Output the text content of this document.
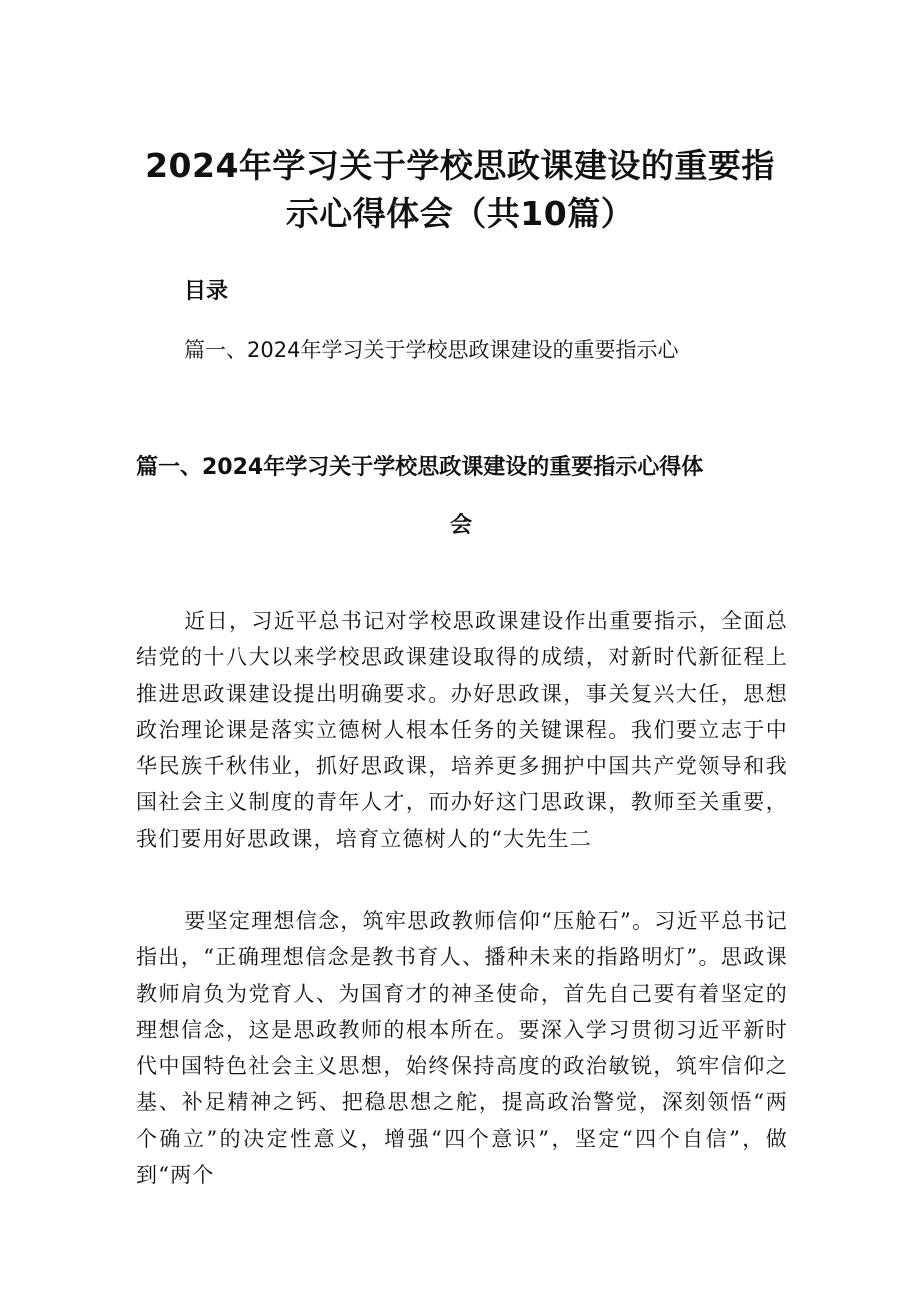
2024年学习关于学校思政课建设的重要指
示心得体会（共10篇）
目录
篇一、2024年学习关于学校思政课建设的重要指示心
篇一、2024年学习关于学校思政课建设的重要指示心得体
会

近日，习近平总书记对学校思政课建设作出重要指示，全面总结党的十八大以来学校思政课建设取得的成绩，对新时代新征程上推进思政课建设提出明确要求。办好思政课，事关复兴大任，思想政治理论课是落实立德树人根本任务的关键课程。我们要立志于中华民族千秋伟业，抓好思政课，培养更多拥护中国共产党领导和我国社会主义制度的青年人才，而办好这门思政课，教师至关重要，我们要用好思政课，培育立德树人的“大先生二

要坚定理想信念，筑牢思政教师信仰“压舱石”。习近平总书记指出，“正确理想信念是教书育人、播种未来的指路明灯”。思政课教师肩负为党育人、为国育才的神圣使命，首先自己要有着坚定的理想信念，这是思政教师的根本所在。要深入学习贯彻习近平新时代中国特色社会主义思想，始终保持高度的政治敏锐，筑牢信仰之基、补足精神之钙、把稳思想之舵，提高政治警觉，深刻领悟“两个确立”的决定性意义，增强“四个意识”，坚定“四个自信”，做到“两个
